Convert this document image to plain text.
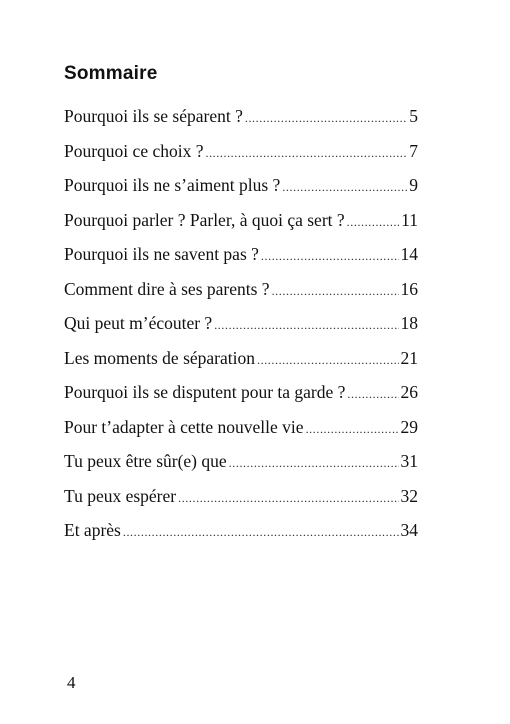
Sommaire
Pourquoi ils se séparent ? .....	5
Pourquoi ce choix ? .....	7
Pourquoi ils ne s’aiment plus ? .....	9
Pourquoi parler ? Parler, à quoi ça sert ? .....	11
Pourquoi ils ne savent pas ? .....	14
Comment dire à ses parents ? .....	16
Qui peut m’écouter ? .....	18
Les moments de séparation .....	21
Pourquoi ils se disputent pour ta garde ? .....	26
Pour t’adapter à cette nouvelle vie .....	29
Tu peux être sûr(e) que .....	31
Tu peux espérer .....	32
Et après .....	34
4
